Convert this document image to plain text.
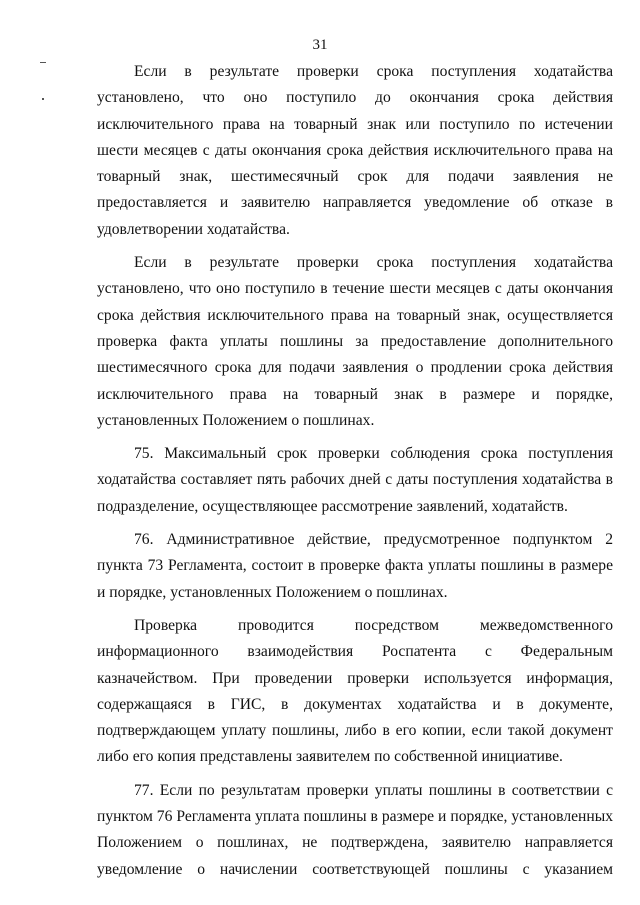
31

Если в результате проверки срока поступления ходатайства установлено, что оно поступило до окончания срока действия исключительного права на товарный знак или поступило по истечении шести месяцев с даты окончания срока действия исключительного права на товарный знак, шестимесячный срок для подачи заявления не предоставляется и заявителю направляется уведомление об отказе в удовлетворении ходатайства.

Если в результате проверки срока поступления ходатайства установлено, что оно поступило в течение шести месяцев с даты окончания срока действия исключительного права на товарный знак, осуществляется проверка факта уплаты пошлины за предоставление дополнительного шестимесячного срока для подачи заявления о продлении срока действия исключительного права на товарный знак в размере и порядке, установленных Положением о пошлинах.

75. Максимальный срок проверки соблюдения срока поступления ходатайства составляет пять рабочих дней с даты поступления ходатайства в подразделение, осуществляющее рассмотрение заявлений, ходатайств.

76. Административное действие, предусмотренное подпунктом 2 пункта 73 Регламента, состоит в проверке факта уплаты пошлины в размере и порядке, установленных Положением о пошлинах.

Проверка проводится посредством межведомственного информационного взаимодействия Роспатента с Федеральным казначейством. При проведении проверки используется информация, содержащаяся в ГИС, в документах ходатайства и в документе, подтверждающем уплату пошлины, либо в его копии, если такой документ либо его копия представлены заявителем по собственной инициативе.

77. Если по результатам проверки уплаты пошлины в соответствии с пунктом 76 Регламента уплата пошлины в размере и порядке, установленных Положением о пошлинах, не подтверждена, заявителю направляется уведомление о начислении соответствующей пошлины с указанием
